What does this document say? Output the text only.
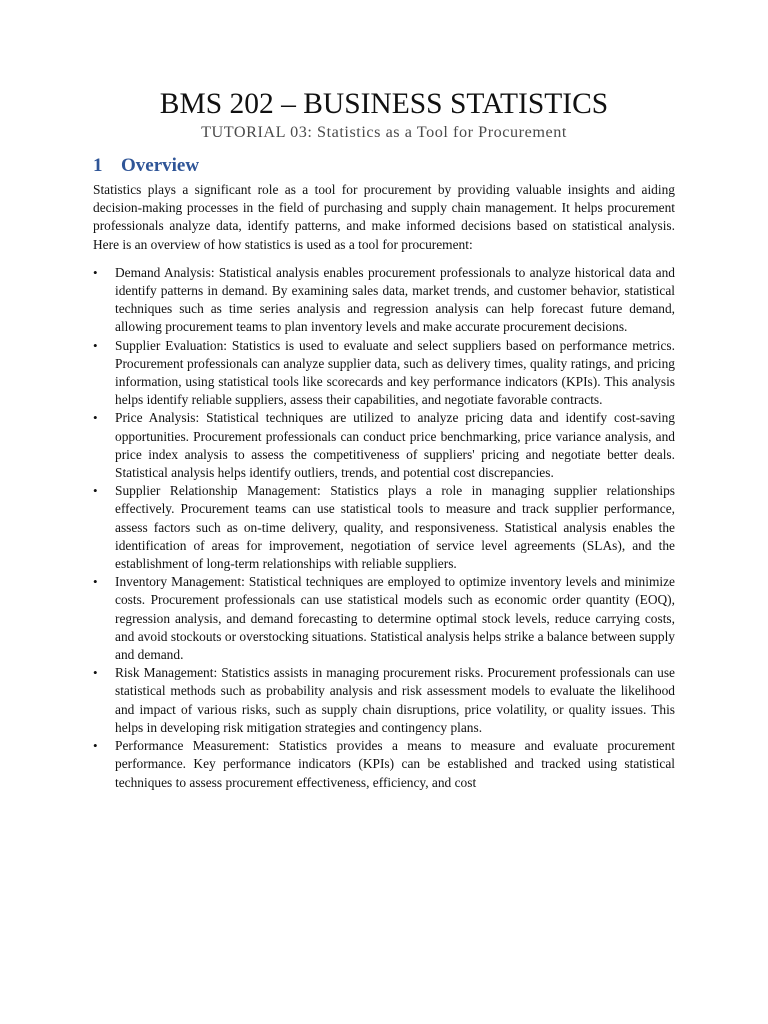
BMS 202 – BUSINESS STATISTICS
TUTORIAL 03: Statistics as a Tool for Procurement
1 Overview

Statistics plays a significant role as a tool for procurement by providing valuable insights and aiding decision-making processes in the field of purchasing and supply chain management. It helps procurement professionals analyze data, identify patterns, and make informed decisions based on statistical analysis. Here is an overview of how statistics is used as a tool for procurement:

• Demand Analysis: Statistical analysis enables procurement professionals to analyze historical data and identify patterns in demand. By examining sales data, market trends, and customer behavior, statistical techniques such as time series analysis and regression analysis can help forecast future demand, allowing procurement teams to plan inventory levels and make accurate procurement decisions.
• Supplier Evaluation: Statistics is used to evaluate and select suppliers based on performance metrics. Procurement professionals can analyze supplier data, such as delivery times, quality ratings, and pricing information, using statistical tools like scorecards and key performance indicators (KPIs). This analysis helps identify reliable suppliers, assess their capabilities, and negotiate favorable contracts.
• Price Analysis: Statistical techniques are utilized to analyze pricing data and identify cost-saving opportunities. Procurement professionals can conduct price benchmarking, price variance analysis, and price index analysis to assess the competitiveness of suppliers' pricing and negotiate better deals. Statistical analysis helps identify outliers, trends, and potential cost discrepancies.
• Supplier Relationship Management: Statistics plays a role in managing supplier relationships effectively. Procurement teams can use statistical tools to measure and track supplier performance, assess factors such as on-time delivery, quality, and responsiveness. Statistical analysis enables the identification of areas for improvement, negotiation of service level agreements (SLAs), and the establishment of long-term relationships with reliable suppliers.
• Inventory Management: Statistical techniques are employed to optimize inventory levels and minimize costs. Procurement professionals can use statistical models such as economic order quantity (EOQ), regression analysis, and demand forecasting to determine optimal stock levels, reduce carrying costs, and avoid stockouts or overstocking situations. Statistical analysis helps strike a balance between supply and demand.
• Risk Management: Statistics assists in managing procurement risks. Procurement professionals can use statistical methods such as probability analysis and risk assessment models to evaluate the likelihood and impact of various risks, such as supply chain disruptions, price volatility, or quality issues. This helps in developing risk mitigation strategies and contingency plans.
• Performance Measurement: Statistics provides a means to measure and evaluate procurement performance. Key performance indicators (KPIs) can be established and tracked using statistical techniques to assess procurement effectiveness, efficiency, and cost
